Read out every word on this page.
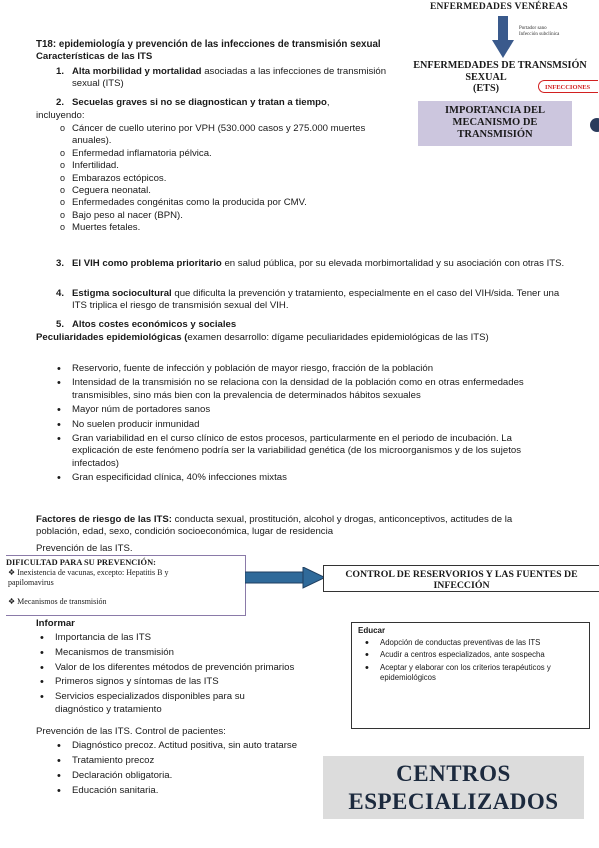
ENFERMEDADES VENÉREAS
Portador sano
Infección subclínica
ENFERMEDADES DE TRANSMSIÓN
SEXUAL
(ETS)	INFECCIONES
IMPORTANCIA DEL
MECANISMO DE
TRANSMISIÓN
T18: epidemiología y prevención de las infecciones de transmisión sexual
Características de las ITS
1. Alta morbilidad y mortalidad asociadas a las infecciones de transmisión sexual (ITS)
2. Secuelas graves si no se diagnostican y tratan a tiempo,
incluyendo:
o Cáncer de cuello uterino por VPH (530.000 casos y 275.000 muertes anuales).
o Enfermedad inflamatoria pélvica.
o Infertilidad.
o Embarazos ectópicos.
o Ceguera neonatal.
o Enfermedades congénitas como la producida por CMV.
o Bajo peso al nacer (BPN).
o Muertes fetales.
3. El VIH como problema prioritario en salud pública, por su elevada morbimortalidad y su asociación con otras ITS.
4. Estigma sociocultural que dificulta la prevención y tratamiento, especialmente en el caso del VIH/sida. Tener una ITS triplica el riesgo de transmisión sexual del VIH.
5. Altos costes económicos y sociales
Peculiaridades epidemiológicas (examen desarrollo: dígame peculiaridades epidemiológicas de las ITS)
• Reservorio, fuente de infección y población de mayor riesgo, fracción de la población
• Intensidad de la transmisión no se relaciona con la densidad de la población como en otras enfermedades transmisibles, sino más bien con la prevalencia de determinados hábitos sexuales
• Mayor núm de portadores sanos
• No suelen producir inmunidad
• Gran variabilidad en el curso clínico de estos procesos, particularmente en el periodo de incubación. La explicación de este fenómeno podría ser la variabilidad genética (de los microorganismos y de los sujetos infectados)
• Gran especificidad clínica, 40% infecciones mixtas
Factores de riesgo de las ITS: conducta sexual, prostitución, alcohol y drogas, anticonceptivos, actitudes de la población, edad, sexo, condición socioeconómica, lugar de residencia
Prevención de las ITS.
DIFICULTAD PARA SU PREVENCIÓN:
❖ Inexistencia de vacunas, excepto: Hepatitis B y papilomavirus
❖ Mecanismos de transmisión
CONTROL DE RESERVORIOS Y LAS FUENTES DE INFECCIÓN
Informar
• Importancia de las ITS
• Mecanismos de transmisión
• Valor de los diferentes métodos de prevención primarios
• Primeros signos y síntomas de las ITS
• Servicios especializados disponibles para su diagnóstico y tratamiento
Educar
• Adopción de conductas preventivas de las ITS
• Acudir a centros especializados, ante sospecha
• Aceptar y elaborar con los criterios terapéuticos y epidemiológicos
Prevención de las ITS. Control de pacientes:
• Diagnóstico precoz. Actitud positiva, sin auto tratarse
• Tratamiento precoz
• Declaración obligatoria.
• Educación sanitaria.
CENTROS
ESPECIALIZADOS
